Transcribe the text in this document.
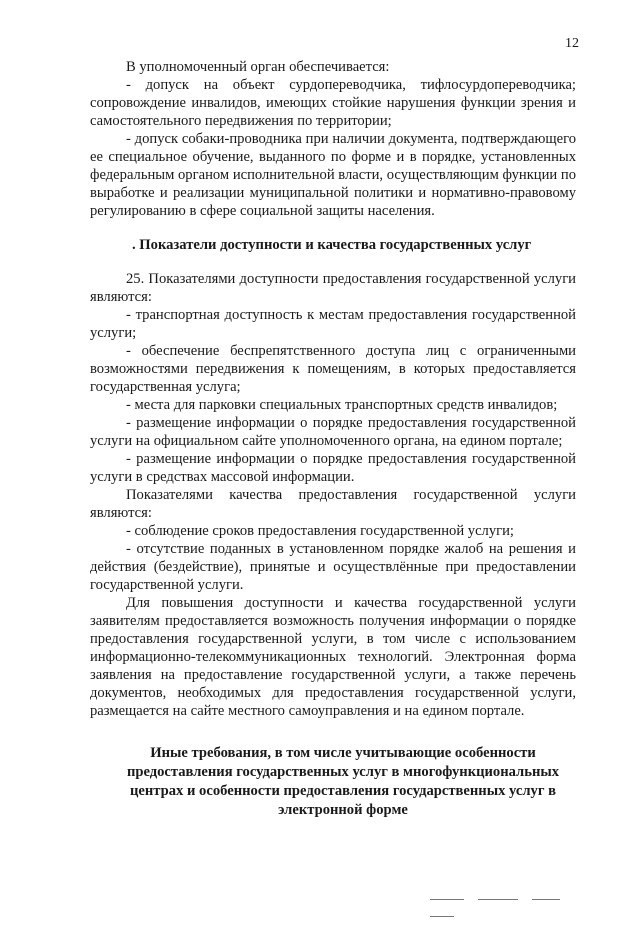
12

В уполномоченный орган обеспечивается:

- допуск на объект сурдопереводчика, тифлосурдопереводчика; сопровождение инвалидов, имеющих стойкие нарушения функции зрения и самостоятельного передвижения по территории;

- допуск собаки-проводника при наличии документа, подтверждающего ее специальное обучение, выданного по форме и в порядке, установленных федеральным органом исполнительной власти, осуществляющим функции по выработке и реализации муниципальной политики и нормативно-правовому регулированию в сфере социальной защиты населения.

. Показатели доступности и качества государственных услуг

25. Показателями доступности предоставления государственной услуги являются:

- транспортная доступность к местам предоставления государственной услуги;

- обеспечение беспрепятственного доступа лиц с ограниченными возможностями передвижения к помещениям, в которых предоставляется государственная услуга;

- места для парковки специальных транспортных средств инвалидов;

- размещение информации о порядке предоставления государственной услуги на официальном сайте уполномоченного органа, на едином портале;

- размещение информации о порядке предоставления государственной услуги в средствах массовой информации.

Показателями качества предоставления государственной услуги являются:

- соблюдение сроков предоставления государственной услуги;

- отсутствие поданных в установленном порядке жалоб на решения и действия (бездействие), принятые и осуществлённые при предоставлении государственной услуги.

Для повышения доступности и качества государственной услуги заявителям предоставляется возможность получения информации о порядке предоставления государственной услуги, в том числе с использованием информационно-телекоммуникационных технологий. Электронная форма заявления на предоставление государственной услуги, а также перечень документов, необходимых для предоставления государственной услуги, размещается на сайте местного самоуправления и на едином портале.

Иные требования, в том числе учитывающие особенности
предоставления государственных услуг в многофункциональных
центрах и особенности предоставления государственных услуг в
электронной форме
